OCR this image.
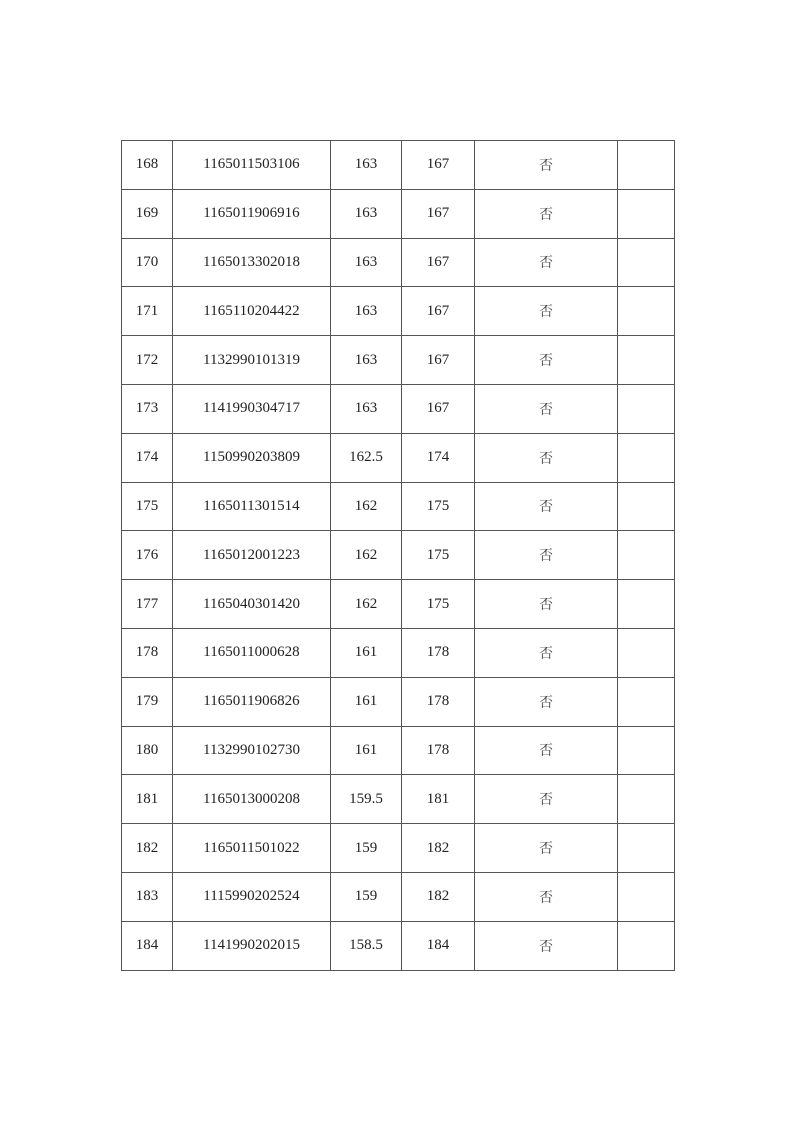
168	1165011503106	163	167	否	
169	1165011906916	163	167	否	
170	1165013302018	163	167	否	
171	1165110204422	163	167	否	
172	1132990101319	163	167	否	
173	1141990304717	163	167	否	
174	1150990203809	162.5	174	否	
175	1165011301514	162	175	否	
176	1165012001223	162	175	否	
177	1165040301420	162	175	否	
178	1165011000628	161	178	否	
179	1165011906826	161	178	否	
180	1132990102730	161	178	否	
181	1165013000208	159.5	181	否	
182	1165011501022	159	182	否	
183	1115990202524	159	182	否	
184	1141990202015	158.5	184	否	
